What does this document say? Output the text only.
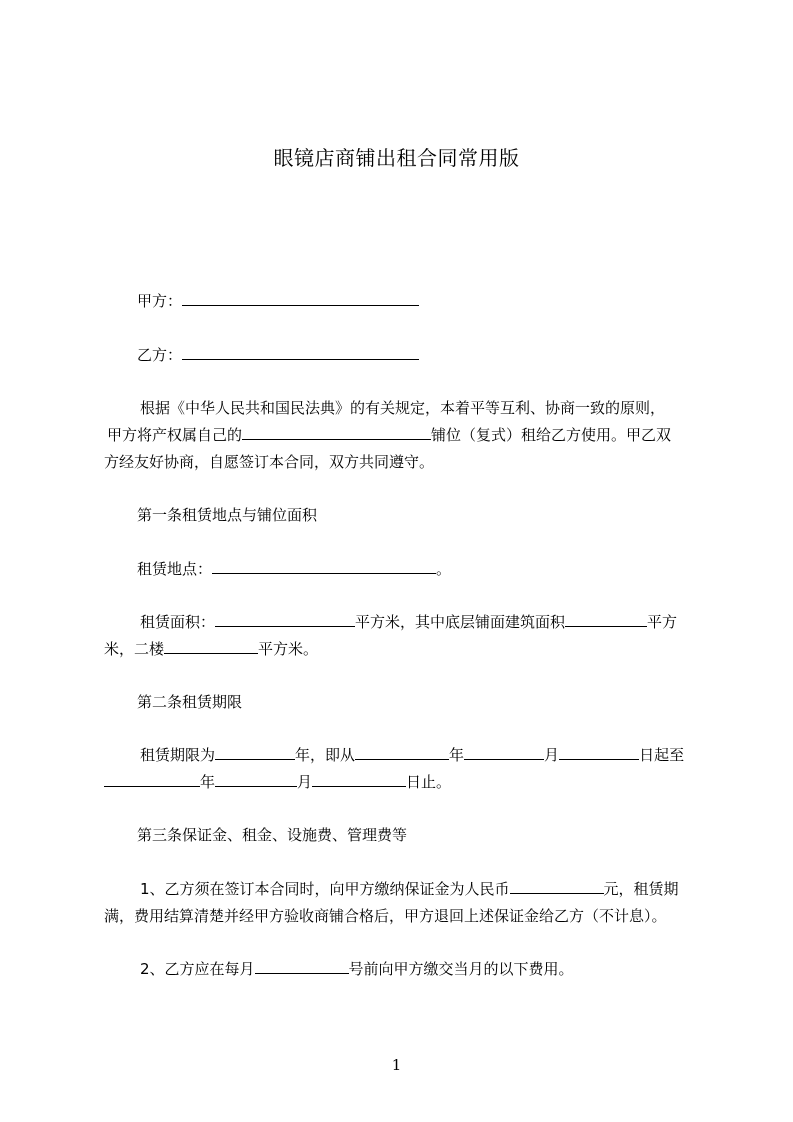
眼镜店商铺出租合同常用版
甲方：
乙方：
根据《中华人民共和国民法典》的有关规定，本着平等互利、协商一致的原则，
甲方将产权属自己的	铺位（复式）租给乙方使用。甲乙双
方经友好协商，自愿签订本合同，双方共同遵守。
第一条租赁地点与铺位面积
租赁地点：	。
租赁面积：	平方米，其中底层铺面建筑面积	平方
米，二楼	平方米。
第二条租赁期限
租赁期限为	年，即从	年	月	日起至
年	月	日止。
第三条保证金、租金、设施费、管理费等
1、乙方须在签订本合同时，向甲方缴纳保证金为人民币	元，租赁期
满，费用结算清楚并经甲方验收商铺合格后，甲方退回上述保证金给乙方（不计息）。
2、乙方应在每月	号前向甲方缴交当月的以下费用。
1
